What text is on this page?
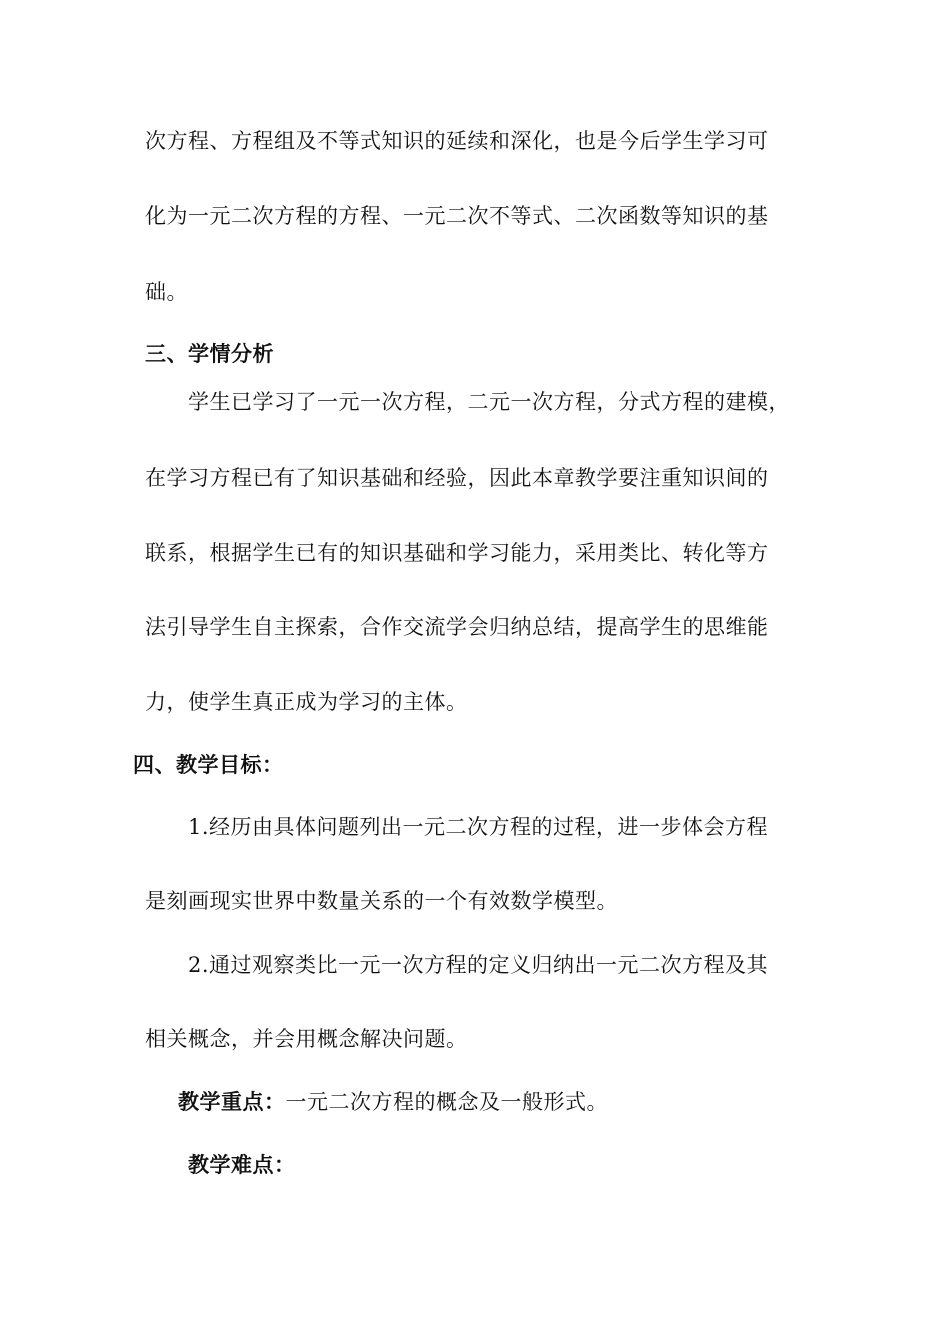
次方程、方程组及不等式知识的延续和深化，也是今后学生学习可
化为一元二次方程的方程、一元二次不等式、二次函数等知识的基
础。
三、学情分析
学生已学习了一元一次方程，二元一次方程，分式方程的建模，
在学习方程已有了知识基础和经验，因此本章教学要注重知识间的
联系，根据学生已有的知识基础和学习能力，采用类比、转化等方
法引导学生自主探索，合作交流学会归纳总结，提高学生的思维能
力，使学生真正成为学习的主体。
四、教学目标：
1.经历由具体问题列出一元二次方程的过程，进一步体会方程
是刻画现实世界中数量关系的一个有效数学模型。
2.通过观察类比一元一次方程的定义归纳出一元二次方程及其
相关概念，并会用概念解决问题。
教学重点：一元二次方程的概念及一般形式。
教学难点：
